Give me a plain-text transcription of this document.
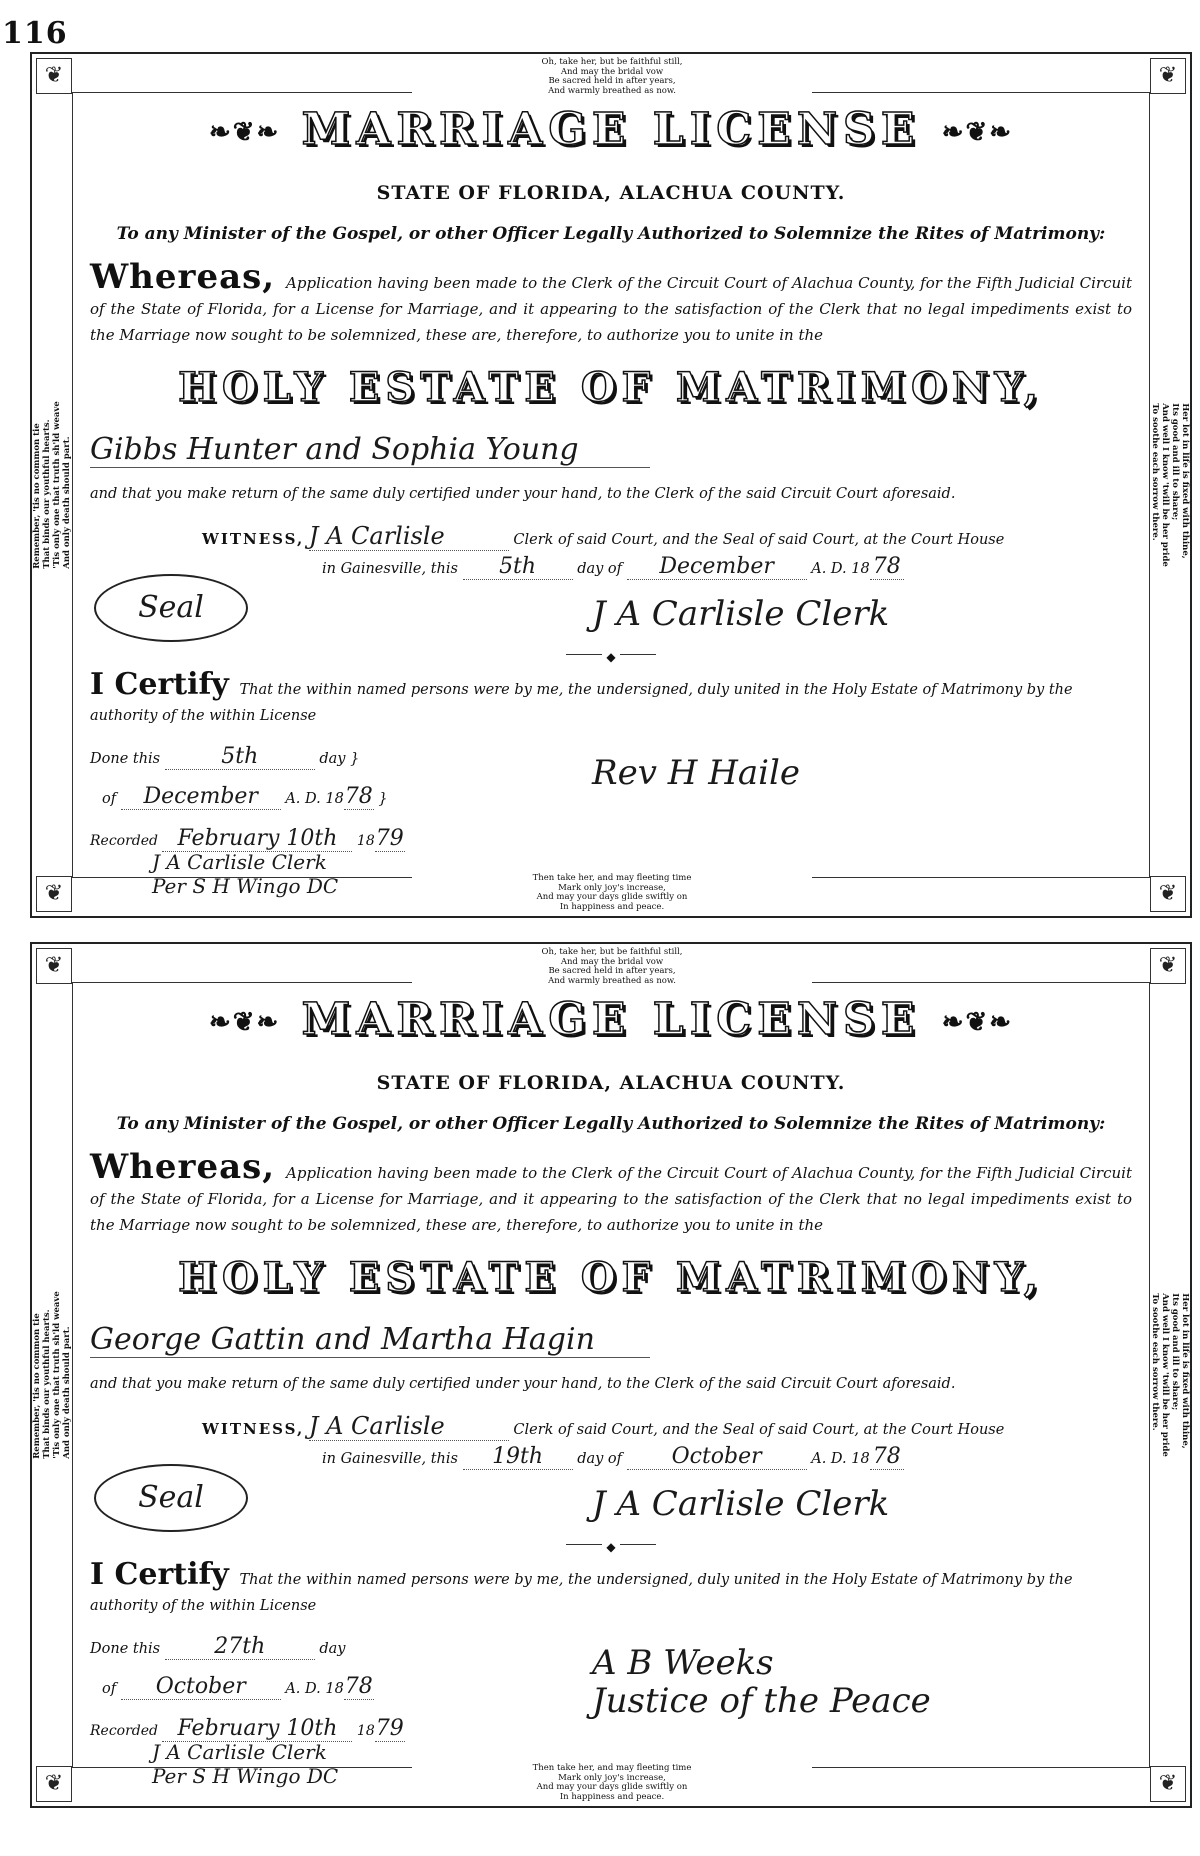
116
❦	❦
❦	❦
Oh, take her, but be faithful still,
And may the bridal vow
Be sacred held in after years,
And warmly breathed as now.
Then take her, and may fleeting time
Mark only joy's increase,
And may your days glide swiftly on
In happiness and peace.
Remember, 'tis no common tie That binds our youthful hearts. 'Tis only one that truth sh'ld weave And only death should part.	Her lot in life is fixed with thine,
Its good and ill to share;
And well I know 'twill be her pride
To soothe each sorrow there.
❧❦❧ MARRIAGE LICENSE ❧❦❧
STATE OF FLORIDA, ALACHUA COUNTY.
To any Minister of the Gospel, or other Officer Legally Authorized to Solemnize the Rites of Matrimony:
Whereas, Application having been made to the Clerk of the Circuit Court of Alachua County, for the Fifth Judicial Circuit of the State of Florida, for a License for Marriage, and it appearing to the satisfaction of the Clerk that no legal impediments exist to the Marriage now sought to be solemnized, these are, therefore, to authorize you to unite in the
HOLY ESTATE OF MATRIMONY,
Gibbs Hunter and Sophia Young
and that you make return of the same duly certified under your hand, to the Clerk of the said Circuit Court aforesaid.
WITNESS, J A Carlisle	Clerk of said Court, and the Seal of said Court, at the Court House
in Gainesville, this 5th	day of December	A. D. 18 78
Seal	J A Carlisle Clerk
◆
I Certify That the within named persons were by me, the undersigned, duly united in the Holy Estate of Matrimony by the authority of the within License
Done this	5th	day }
of December A. D. 1878 }
Recorded February 10th 1879
J A Carlisle Clerk
Per S H Wingo DC
Rev H Haile
❦	❦
❦	❦
Oh, take her, but be faithful still,
And may the bridal vow
Be sacred held in after years,
And warmly breathed as now.
Then take her, and may fleeting time
Mark only joy's increase,
And may your days glide swiftly on
In happiness and peace.
Remember, 'tis no common tie That binds our youthful hearts. 'Tis only one that truth sh'ld weave And only death should part.	Her lot in life is fixed with thine,
Its good and ill to share;
And well I know 'twill be her pride
To soothe each sorrow there.
❧❦❧ MARRIAGE LICENSE ❧❦❧
STATE OF FLORIDA, ALACHUA COUNTY.
To any Minister of the Gospel, or other Officer Legally Authorized to Solemnize the Rites of Matrimony:
Whereas, Application having been made to the Clerk of the Circuit Court of Alachua County, for the Fifth Judicial Circuit of the State of Florida, for a License for Marriage, and it appearing to the satisfaction of the Clerk that no legal impediments exist to the Marriage now sought to be solemnized, these are, therefore, to authorize you to unite in the
HOLY ESTATE OF MATRIMONY,
George Gattin and Martha Hagin
and that you make return of the same duly certified under your hand, to the Clerk of the said Circuit Court aforesaid.
WITNESS, J A Carlisle	Clerk of said Court, and the Seal of said Court, at the Court House
in Gainesville, this 19th day of October	A. D. 18 78
Seal	J A Carlisle Clerk
◆
I Certify That the within named persons were by me, the undersigned, duly united in the Holy Estate of Matrimony by the authority of the within License
Done this 27th	day
of October	A. D. 1878
Recorded February 10th 1879
J A Carlisle Clerk
Per S H Wingo DC
A B Weeks
Justice of the Peace
